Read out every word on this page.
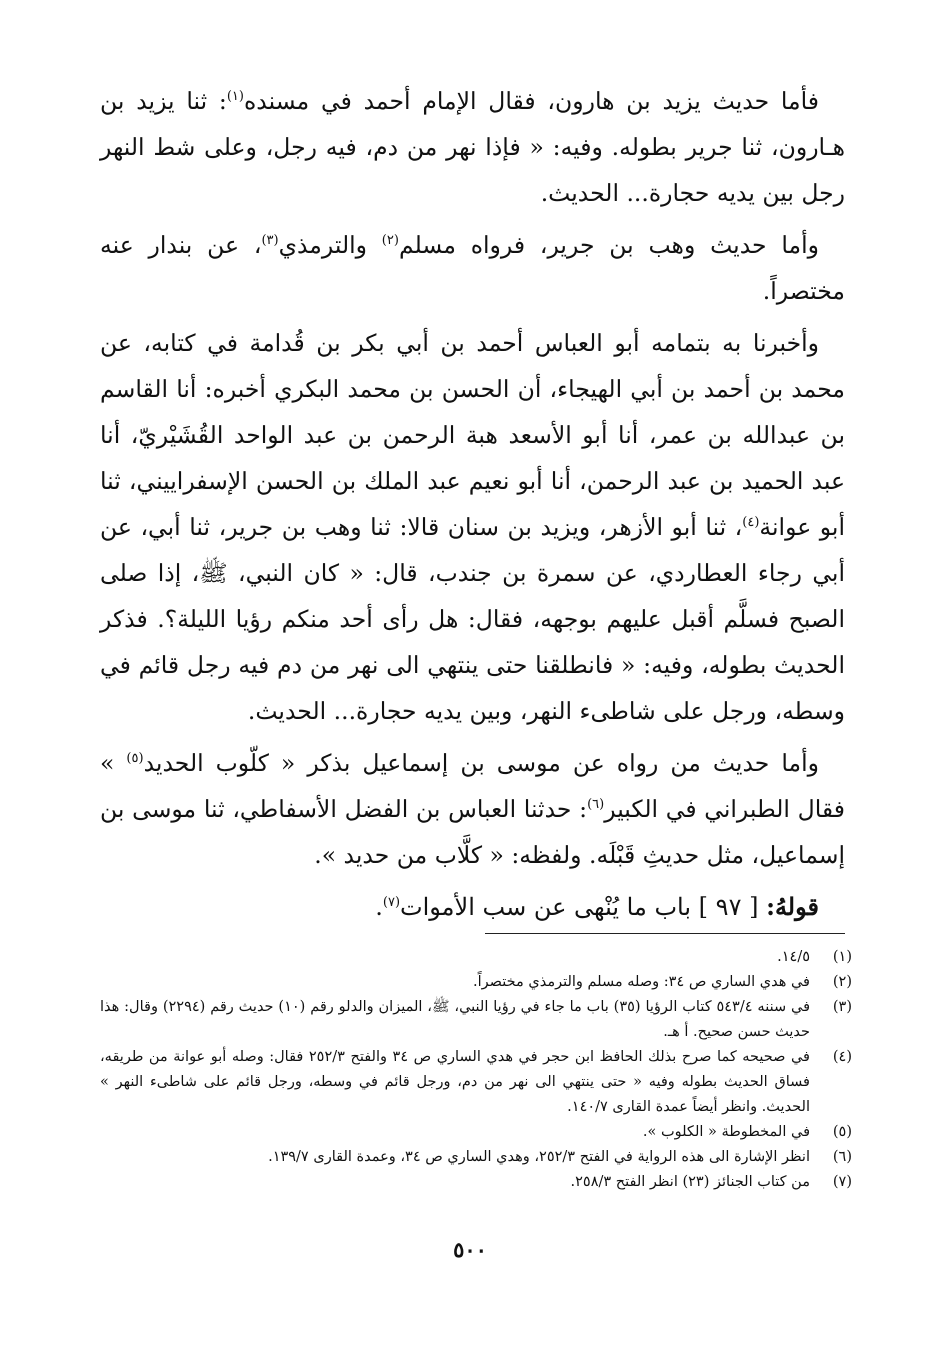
فأما حديث يزيد بن هارون، فقال الإمام أحمد في مسنده$^{(١)}$: ثنا يزيد بن هـارون، ثنا جرير بطوله. وفيه: « فإذا نهر من دم، فيه رجل، وعلى شط النهر رجل بين يديه حجارة... الحديث.

وأما حديث وهب بن جرير، فرواه مسلم$^{(٢)}$ والترمذي$^{(٣)}$، عن بندار عنه مختصراً.

وأخبرنا به بتمامه أبو العباس أحمد بن أبي بكر بن قُدامة في كتابه، عن محمد بن أحمد بن أبي الهيجاء، أن الحسن بن محمد البكري أخبره: أنا القاسم بن عبدالله بن عمر، أنا أبو الأسعد هبة الرحمن بن عبد الواحد القُشَيْريّ، أنا عبد الحميد بن عبد الرحمن، أنا أبو نعيم عبد الملك بن الحسن الإسفراييني، ثنا أبو عوانة$^{(٤)}$، ثنا أبو الأزهر، ويزيد بن سنان قالا: ثنا وهب بن جرير، ثنا أبي، عن أبي رجاء العطاردي، عن سمرة بن جندب، قال: « كان النبي، ﷺ، إذا صلى الصبح فسلَّم أقبل عليهم بوجهه، فقال: هل رأى أحد منكم رؤيا الليلة؟. فذكر الحديث بطوله، وفيه: « فانطلقنا حتى ينتهي الى نهر من دم فيه رجل قائم في وسطه، ورجل على شاطىء النهر، وبين يديه حجارة... الحديث.

وأما حديث من رواه عن موسى بن إسماعيل بذكر « كلّوب الحديد$^{(٥)}$ » فقال الطبراني في الكبير$^{(٦)}$: حدثنا العباس بن الفضل الأسفاطي، ثنا موسى بن إسماعيل، مثل حديثِ قَبْلَه. ولفظه: « كلَّاب من حديد ».

قولهُ: [ ٩٧ ] باب ما يُنْهى عن سب الأموات$^{(٧)}$.

(١)
١٤/٥.
(٢)
في هدي الساري ص ٣٤: وصله مسلم والترمذي مختصراً.
(٣)
في سننه ٥٤٣/٤ كتاب الرؤيا (٣٥) باب ما جاء في رؤيا النبي، ﷺ، الميزان والدلو رقم (١٠) حديث رقم (٢٢٩٤) وقال: هذا حديث حسن صحيح. أ هـ.
(٤)
في صحيحه كما صرح بذلك الحافظ ابن حجر في هدي الساري ص ٣٤ والفتح ٢٥٢/٣ فقال: وصله أبو عوانة من طريقه، فساق الحديث بطوله وفيه « حتى ينتهي الى نهر من دم، ورجل قائم في وسطه، ورجل قائم على شاطىء النهر » الحديث. وانظر أيضاً عمدة القارى ١٤٠/٧.
(٥)
في المخطوطة « الكلوب ».
(٦)
انظر الإشارة الى هذه الرواية في الفتح ٢٥٢/٣، وهدي الساري ص ٣٤، وعمدة القارى ١٣٩/٧.
(٧)
من كتاب الجنائز (٢٣) انظر الفتح ٢٥٨/٣.
٥٠٠
